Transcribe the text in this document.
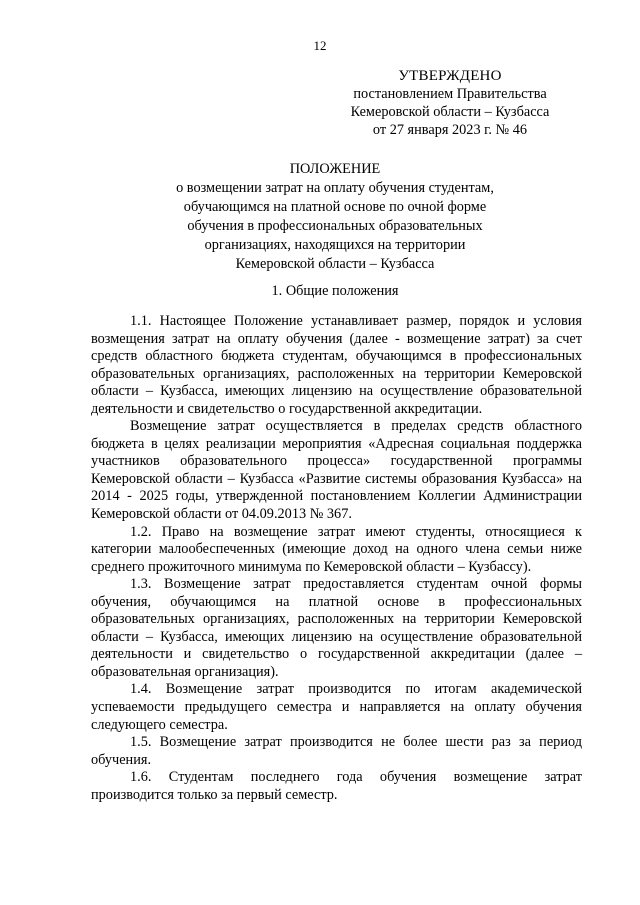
12
УТВЕРЖДЕНО
постановлением Правительства
Кемеровской области – Кузбасса
от 27 января 2023 г. № 46
ПОЛОЖЕНИЕ
о возмещении затрат на оплату обучения студентам,
обучающимся на платной основе по очной форме
обучения в профессиональных образовательных
организациях, находящихся на территории
Кемеровской области – Кузбасса
1. Общие положения

1.1. Настоящее Положение устанавливает размер, порядок и условия возмещения затрат на оплату обучения (далее - возмещение затрат) за счет средств областного бюджета студентам, обучающимся в профессиональных образовательных организациях, расположенных на территории Кемеровской области – Кузбасса, имеющих лицензию на осуществление образовательной деятельности и свидетельство о государственной аккредитации.

Возмещение затрат осуществляется в пределах средств областного бюджета в целях реализации мероприятия «Адресная социальная поддержка участников образовательного процесса» государственной программы Кемеровской области – Кузбасса «Развитие системы образования Кузбасса» на 2014 - 2025 годы, утвержденной постановлением Коллегии Администрации Кемеровской области от 04.09.2013 № 367.

1.2. Право на возмещение затрат имеют студенты, относящиеся к категории малообеспеченных (имеющие доход на одного члена семьи ниже среднего прожиточного минимума по Кемеровской области – Кузбассу).

1.3. Возмещение затрат предоставляется студентам очной формы обучения, обучающимся на платной основе в профессиональных образовательных организациях, расположенных на территории Кемеровской области – Кузбасса, имеющих лицензию на осуществление образовательной деятельности и свидетельство о государственной аккредитации (далее – образовательная организация).

1.4. Возмещение затрат производится по итогам академической успеваемости предыдущего семестра и направляется на оплату обучения следующего семестра.

1.5. Возмещение затрат производится не более шести раз за период обучения.

1.6. Студентам последнего года обучения возмещение затрат производится только за первый семестр.
